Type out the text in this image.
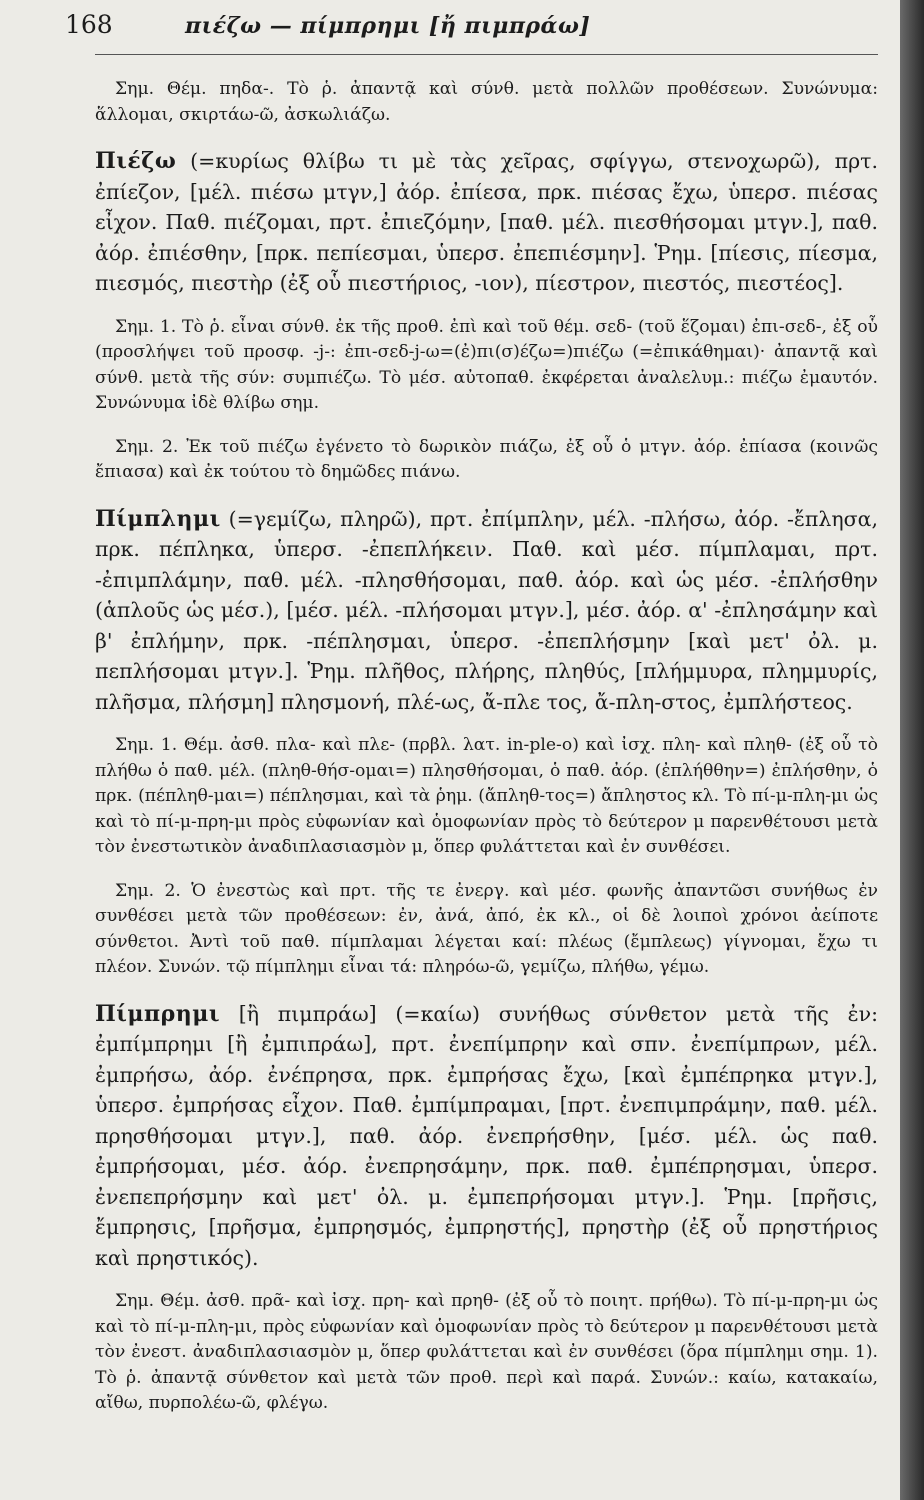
168	πιέζω — πίμπρημι [ἤ πιμπράω]

Σημ. Θέμ. πηδα-. Τὸ ῥ. ἀπαντᾷ καὶ σύνθ. μετὰ πολλῶν προθέσεων. Συνώνυμα: ἅλλομαι, σκιρτάω-ῶ, ἀσκωλιάζω.

Πιέζω (=κυρίως θλίβω τι μὲ τὰς χεῖρας, σφίγγω, στενοχωρῶ), πρτ. ἐπίεζον, [μέλ. πιέσω μτγν,] ἀόρ. ἐπίεσα, πρκ. πιέσας ἔχω, ὑπερσ. πιέσας εἶχον. Παθ. πιέζομαι, πρτ. ἐπιεζόμην, [παθ. μέλ. πιεσθήσομαι μτγν.], παθ. ἀόρ. ἐπιέσθην, [πρκ. πεπίεσμαι, ὑπερσ. ἐπεπιέσμην]. Ῥημ. [πίεσις, πίεσμα, πιεσμός, πιεστὴρ (ἐξ οὗ πιεστήριος, -ιον), πίεστρον, πιεστός, πιεστέος].

Σημ. 1. Τὸ ῥ. εἶναι σύνθ. ἐκ τῆς προθ. ἐπὶ καὶ τοῦ θέμ. σεδ- (τοῦ ἕζομαι) ἐπι-σεδ-, ἐξ οὗ (προσλήψει τοῦ προσφ. -j-: ἐπι-σεδ-j-ω=(ἐ)πι(σ)έζω=)πιέζω (=ἐπικάθημαι)· ἀπαντᾷ καὶ σύνθ. μετὰ τῆς σύν: συμπιέζω. Τὸ μέσ. αὐτοπαθ. ἐκφέρεται ἀναλελυμ.: πιέζω ἐμαυτόν. Συνώνυμα ἰδὲ θλίβω σημ.

Σημ. 2. Ἐκ τοῦ πιέζω ἐγένετο τὸ δωρικὸν πιάζω, ἐξ οὗ ὁ μτγν. ἀόρ. ἐπίασα (κοινῶς ἔπιασα) καὶ ἐκ τούτου τὸ δημῶδες πιάνω.

Πίμπλημι (=γεμίζω, πληρῶ), πρτ. ἐπίμπλην, μέλ. -πλήσω, ἀόρ. -ἔπλησα, πρκ. πέπληκα, ὑπερσ. -ἐπεπλήκειν. Παθ. καὶ μέσ. πίμπλαμαι, πρτ. -ἐπιμπλάμην, παθ. μέλ. -πλησθήσομαι, παθ. ἀόρ. καὶ ὡς μέσ. -ἐπλήσθην (ἁπλοῦς ὡς μέσ.), [μέσ. μέλ. -πλήσομαι μτγν.], μέσ. ἀόρ. α' -ἐπλησάμην καὶ β' ἐπλήμην, πρκ. -πέπλησμαι, ὑπερσ. -ἐπεπλήσμην [καὶ μετ' ὀλ. μ. πεπλήσομαι μτγν.]. Ῥημ. πλῆθος, πλήρης, πληθύς, [πλήμμυρα, πλημμυρίς, πλῆσμα, πλήσμη] πλησμονή, πλέ-ως, ἄ-πλε τος, ἄ-πλη-στος, ἐμπλήστεος.

Σημ. 1. Θέμ. ἀσθ. πλα- καὶ πλε- (πρβλ. λατ. in-ple-o) καὶ ἰσχ. πλη- καὶ πληθ- (ἐξ οὗ τὸ πλήθω ὁ παθ. μέλ. (πληθ-θήσ-ομαι=) πλησθήσομαι, ὁ παθ. ἀόρ. (ἐπλήθθην=) ἐπλήσθην, ὁ πρκ. (πέπληθ-μαι=) πέπλησμαι, καὶ τὰ ῥημ. (ἄπληθ-τος=) ἄπληστος κλ. Τὸ πί-μ-πλη-μι ὡς καὶ τὸ πί-μ-πρη-μι πρὸς εὐφωνίαν καὶ ὁμοφωνίαν πρὸς τὸ δεύτερον μ παρενθέτουσι μετὰ τὸν ἐνεστωτικὸν ἀναδιπλασιασμὸν μ, ὅπερ φυλάττεται καὶ ἐν συνθέσει.

Σημ. 2. Ὁ ἐνεστὼς καὶ πρτ. τῆς τε ἐνεργ. καὶ μέσ. φωνῆς ἀπαντῶσι συνήθως ἐν συνθέσει μετὰ τῶν προθέσεων: ἐν, ἀνά, ἀπό, ἐκ κλ., οἱ δὲ λοιποὶ χρόνοι ἀείποτε σύνθετοι. Ἀντὶ τοῦ παθ. πίμπλαμαι λέγεται καί: πλέως (ἔμπλεως) γίγνομαι, ἔχω τι πλέον. Συνών. τῷ πίμπλημι εἶναι τά: πληρόω-ῶ, γεμίζω, πλήθω, γέμω.

Πίμπρημι [ἢ πιμπράω] (=καίω) συνήθως σύνθετον μετὰ τῆς ἐν: ἐμπίμπρημι [ἢ ἐμπιπράω], πρτ. ἐνεπίμπρην καὶ σπν. ἐνεπίμπρων, μέλ. ἐμπρήσω, ἀόρ. ἐνέπρησα, πρκ. ἐμπρήσας ἔχω, [καὶ ἐμπέπρηκα μτγν.], ὑπερσ. ἐμπρήσας εἶχον. Παθ. ἐμπίμπραμαι, [πρτ. ἐνεπιμπράμην, παθ. μέλ. πρησθήσομαι μτγν.], παθ. ἀόρ. ἐνεπρήσθην, [μέσ. μέλ. ὡς παθ. ἐμπρήσομαι, μέσ. ἀόρ. ἐνεπρησάμην, πρκ. παθ. ἐμπέπρησμαι, ὑπερσ. ἐνεπεπρήσμην καὶ μετ' ὀλ. μ. ἐμπεπρήσομαι μτγν.]. Ῥημ. [πρῆσις, ἔμπρησις, [πρῆσμα, ἐμπρησμός, ἐμπρηστής], πρηστὴρ (ἐξ οὗ πρηστήριος καὶ πρηστικός).

Σημ. Θέμ. ἀσθ. πρᾶ- καὶ ἰσχ. πρη- καὶ πρηθ- (ἐξ οὗ τὸ ποιητ. πρήθω). Τὸ πί-μ-πρη-μι ὡς καὶ τὸ πί-μ-πλη-μι, πρὸς εὐφωνίαν καὶ ὁμοφωνίαν πρὸς τὸ δεύτερον μ παρενθέτουσι μετὰ τὸν ἐνεστ. ἀναδιπλασιασμὸν μ, ὅπερ φυλάττεται καὶ ἐν συνθέσει (ὅρα πίμπλημι σημ. 1). Τὸ ῥ. ἀπαντᾷ σύνθετον καὶ μετὰ τῶν προθ. περὶ καὶ παρά. Συνών.: καίω, κατακαίω, αἴθω, πυρπολέω-ῶ, φλέγω.
